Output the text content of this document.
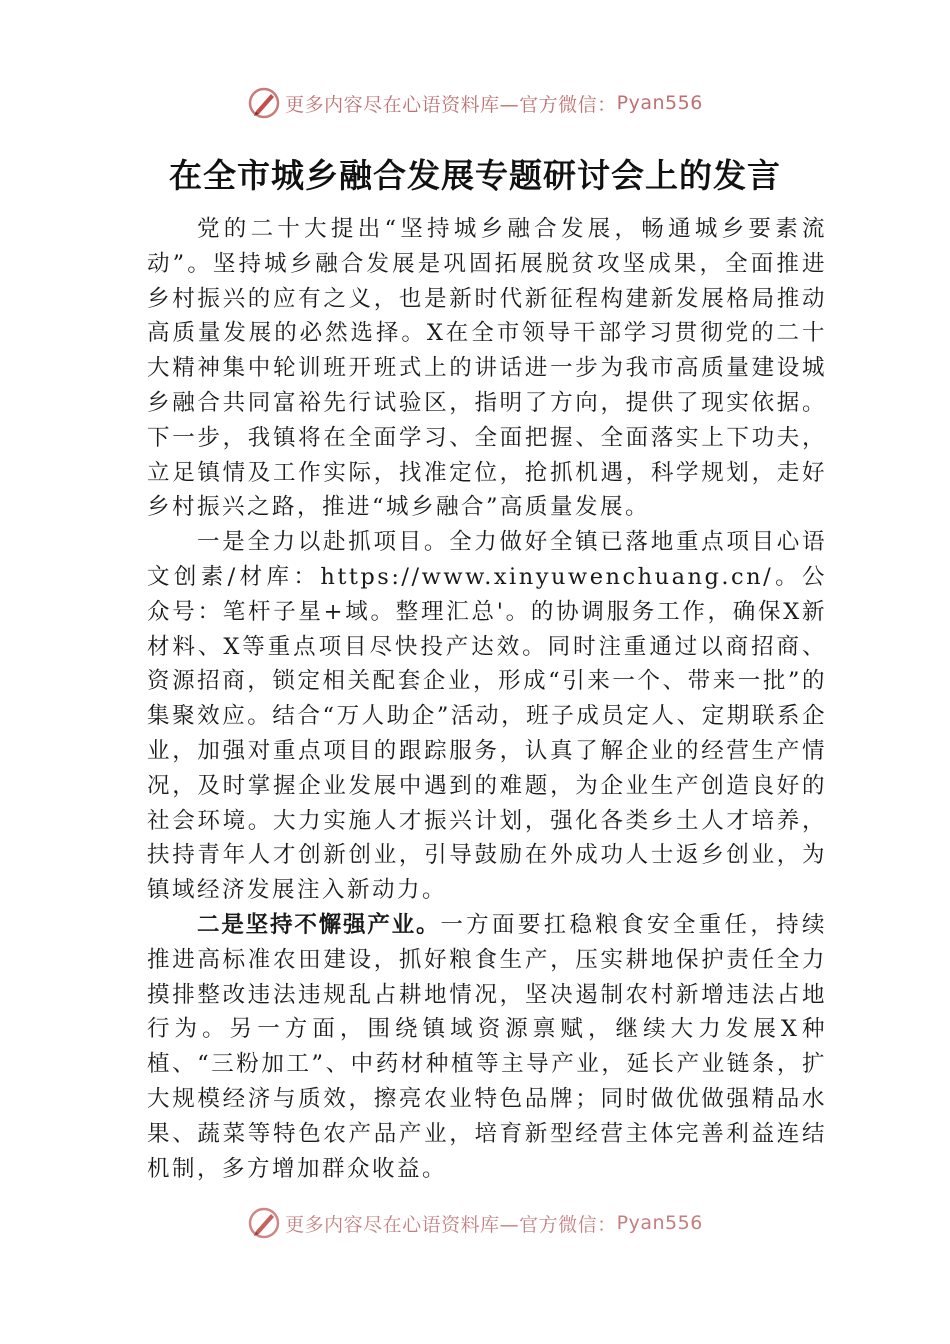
更多内容尽在心语资料库—官方微信： Pyan556
在全市城乡融合发展专题研讨会上的发言

党的二十大提出“坚持城乡融合发展，畅通城乡要素流动”。坚持城乡融合发展是巩固拓展脱贫攻坚成果，全面推进乡村振兴的应有之义，也是新时代新征程构建新发展格局推动高质量发展的必然选择。X在全市领导干部学习贯彻党的二十大精神集中轮训班开班式上的讲话进一步为我市高质量建设城乡融合共同富裕先行试验区，指明了方向，提供了现实依据。下一步，我镇将在全面学习、全面把握、全面落实上下功夫，立足镇情及工作实际，找准定位，抢抓机遇，科学规划，走好乡村振兴之路，推进“城乡融合”高质量发展。

一是全力以赴抓项目。全力做好全镇已落地重点项目心语文创素/材库：https://www.xinyuwenchuang.cn/。公众号：笔杆子星+域。整理汇总'。的协调服务工作，确保X新材料、X等重点项目尽快投产达效。同时注重通过以商招商、资源招商，锁定相关配套企业，形成“引来一个、带来一批”的集聚效应。结合“万人助企”活动，班子成员定人、定期联系企业，加强对重点项目的跟踪服务，认真了解企业的经营生产情况，及时掌握企业发展中遇到的难题，为企业生产创造良好的社会环境。大力实施人才振兴计划，强化各类乡土人才培养，扶持青年人才创新创业，引导鼓励在外成功人士返乡创业，为镇域经济发展注入新动力。

二是坚持不懈强产业。一方面要扛稳粮食安全重任，持续推进高标准农田建设，抓好粮食生产，压实耕地保护责任全力摸排整改违法违规乱占耕地情况，坚决遏制农村新增违法占地行为。另一方面，围绕镇域资源禀赋，继续大力发展X种植、“三粉加工”、中药材种植等主导产业，延长产业链条，扩大规模经济与质效，擦亮农业特色品牌；同时做优做强精品水果、蔬菜等特色农产品产业，培育新型经营主体完善利益连结机制，多方增加群众收益。

更多内容尽在心语资料库—官方微信： Pyan556
